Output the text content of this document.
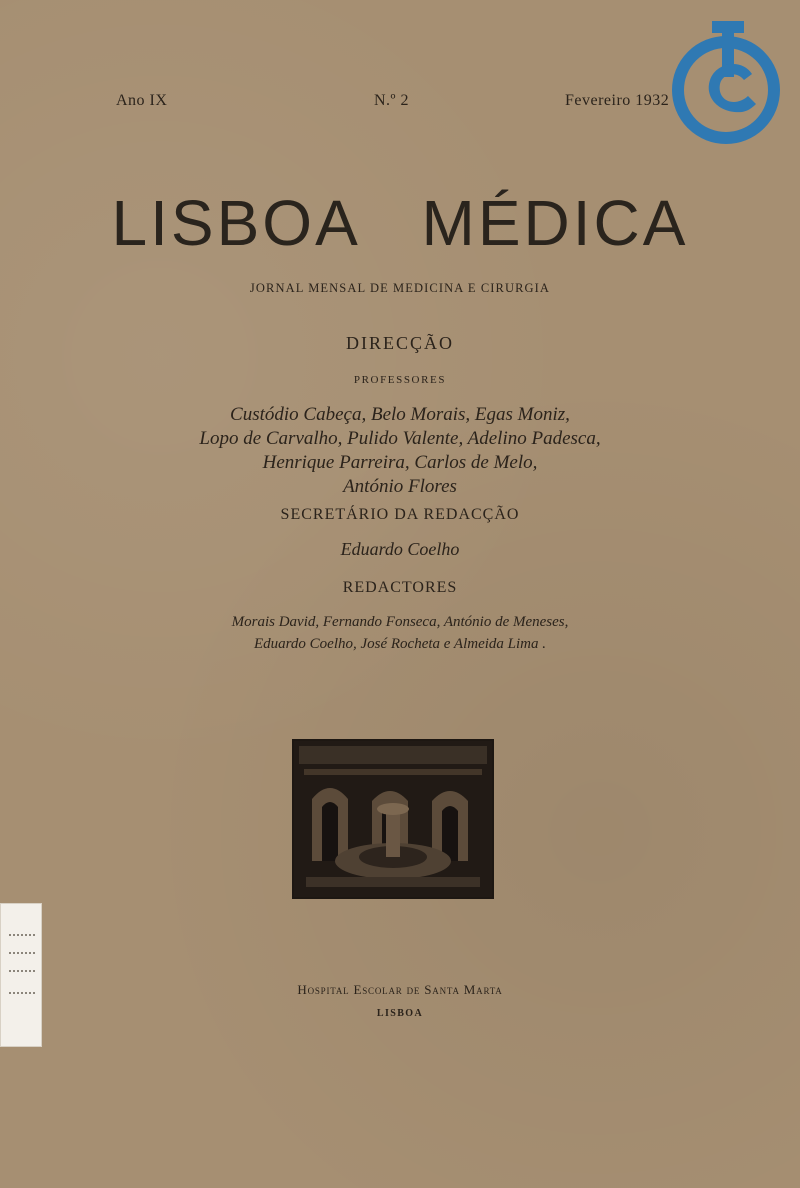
Ano IX	N.º 2	Fevereiro 1932
LISBOA MÉDICA
JORNAL MENSAL DE MEDICINA E CIRURGIA
DIRECÇÃO
PROFESSORES
Custódio Cabeça, Belo Morais, Egas Moniz,
Lopo de Carvalho, Pulido Valente, Adelino Padesca,
Henrique Parreira, Carlos de Melo,
António Flores
SECRETÁRIO DA REDACÇÃO
Eduardo Coelho
REDACTORES
Morais David, Fernando Fonseca, António de Meneses,
Eduardo Coelho, José Rocheta e Almeida Lima .
Hospital Escolar de Santa Marta
LISBOA
